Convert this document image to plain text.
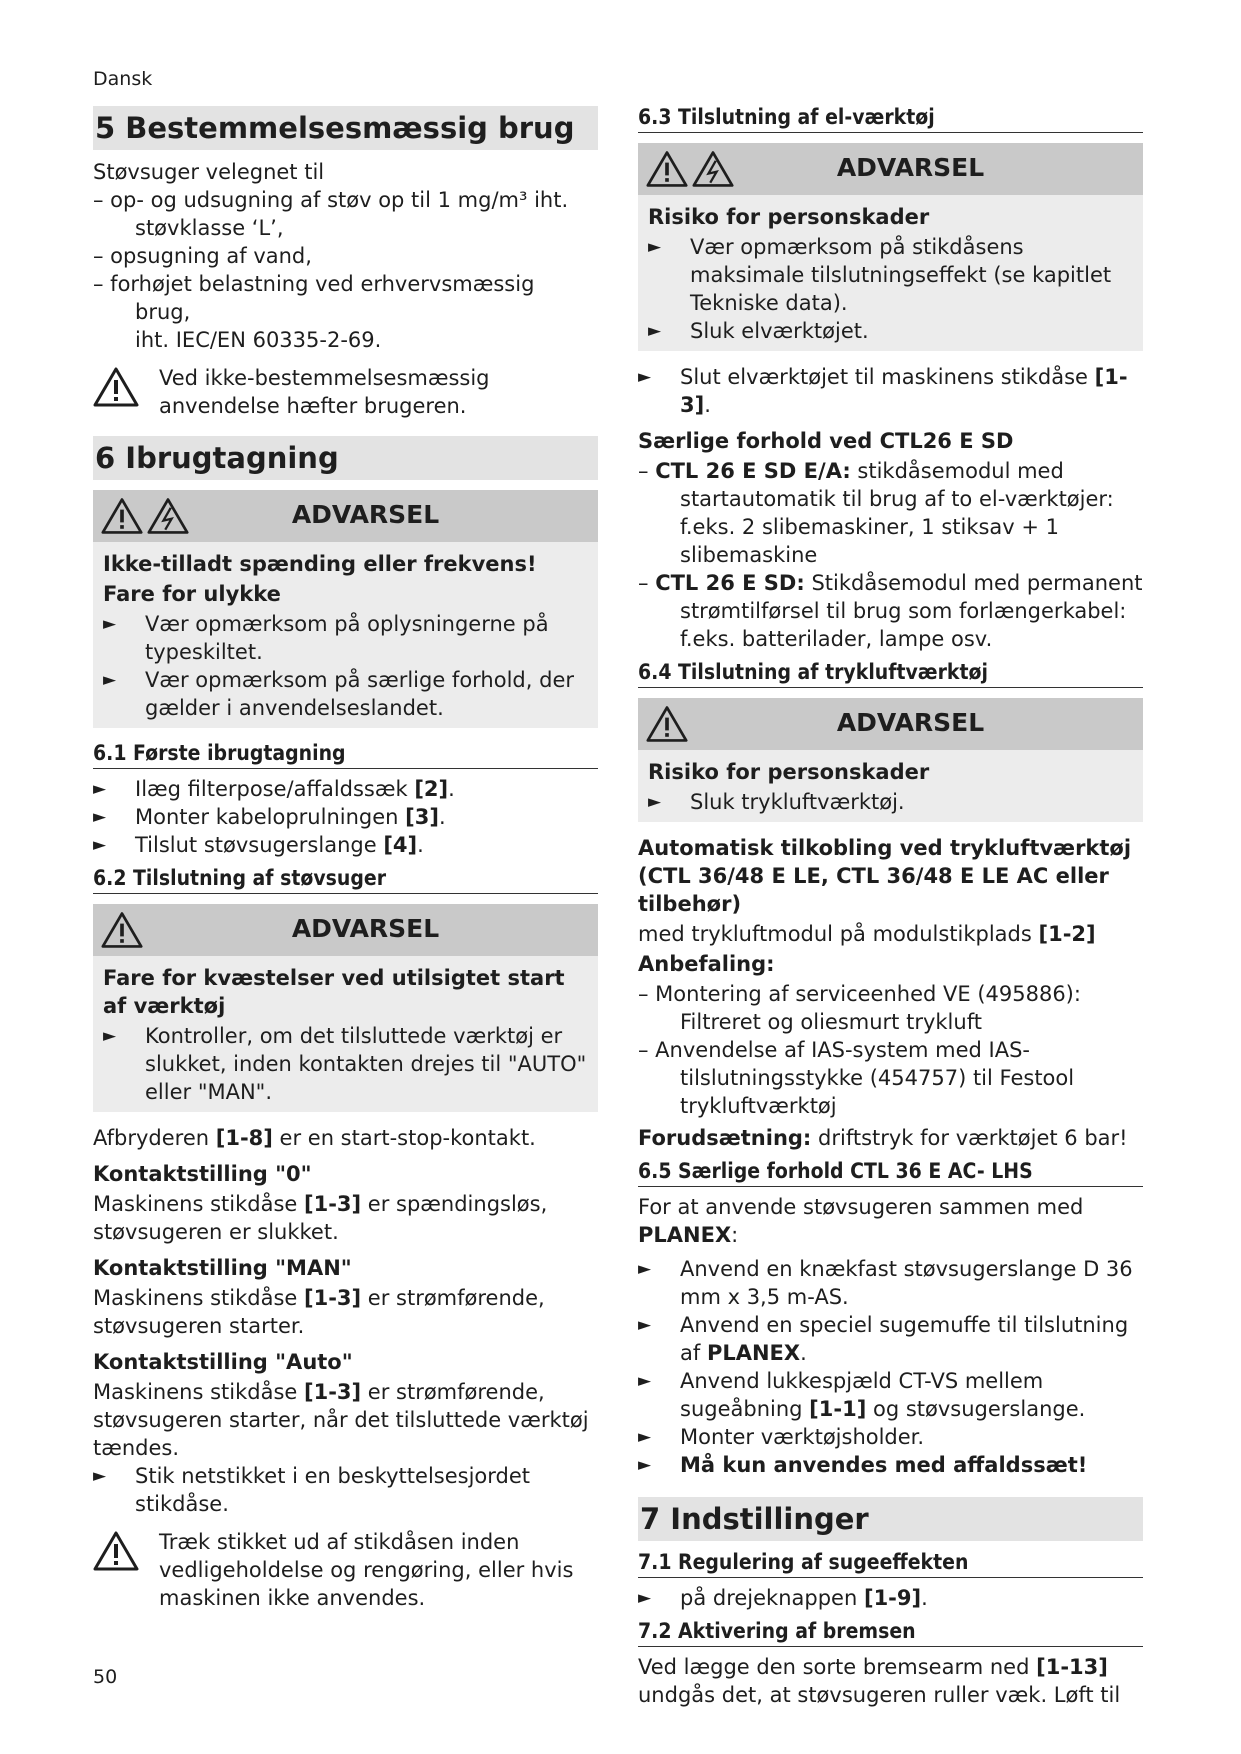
Dansk
5 Bestemmelsesmæssig brug

Støvsuger velegnet til

– op- og udsugning af støv op til 1 mg/m³ iht.

støvklasse ‘L’,

– opsugning af vand,

– forhøjet belastning ved erhvervsmæssig

brug,

iht. IEC/EN 60335-2-69.

Ved ikke-bestemmelsesmæssig anvendelse hæfter brugeren.
6 Ibrugtagning
ADVARSEL

Ikke-tilladt spænding eller frekvens!

Fare for ulykke

► Vær opmærksom på oplysningerne på typeskiltet.
► Vær opmærksom på særlige forhold, der gælder i anvendelseslandet.
6.1 Første ibrugtagning
► Ilæg filterpose/affaldssæk [2].
► Monter kabeloprulningen [3].
► Tilslut støvsugerslange [4].
6.2 Tilslutning af støvsuger
ADVARSEL

Fare for kvæstelser ved utilsigtet start af værktøj

► Kontroller, om det tilsluttede værktøj er slukket, inden kontakten drejes til "AUTO" eller "MAN".

Afbryderen [1-8] er en start-stop-kontakt.

Kontaktstilling "0"

Maskinens stikdåse [1-3] er spændingsløs, støvsugeren er slukket.

Kontaktstilling "MAN"

Maskinens stikdåse [1-3] er strømførende, støvsugeren starter.

Kontaktstilling "Auto"

Maskinens stikdåse [1-3] er strømførende, støvsugeren starter, når det tilsluttede værktøj tændes.

► Stik netstikket i en beskyttelsesjordet stikdåse.
Træk stikket ud af stikdåsen inden vedligeholdelse og rengøring, eller hvis maskinen ikke anvendes.
6.3 Tilslutning af el-værktøj
ADVARSEL

Risiko for personskader

► Vær opmærksom på stikdåsens maksimale tilslutningseffekt (se kapitlet Tekniske data).
► Sluk elværktøjet.
► Slut elværktøjet til maskinens stikdåse [1-3].

Særlige forhold ved CTL26 E SD

– CTL 26 E SD E/A: stikdåsemodul med startautomatik til brug af to el-værktøjer: f.eks. 2 slibemaskiner, 1 stiksav + 1 slibemaskine

– CTL 26 E SD: Stikdåsemodul med permanent strømtilførsel til brug som forlængerkabel: f.eks. batterilader, lampe osv.

6.4 Tilslutning af trykluftværktøj
ADVARSEL

Risiko for personskader

► Sluk trykluftværktøj.

Automatisk tilkobling ved trykluftværktøj (CTL 36/48 E LE, CTL 36/48 E LE AC eller tilbehør)

med trykluftmodul på modulstikplads [1-2]

Anbefaling:

– Montering af serviceenhed VE (495886): Filtreret og oliesmurt trykluft

– Anvendelse af IAS-system med IAS-tilslutningsstykke (454757) til Festool trykluftværktøj

Forudsætning: driftstryk for værktøjet 6 bar!

6.5 Særlige forhold CTL 36 E AC- LHS

For at anvende støvsugeren sammen med PLANEX:

► Anvend en knækfast støvsugerslange D 36 mm x 3,5 m-AS.
► Anvend en speciel sugemuffe til tilslutning af PLANEX.
► Anvend lukkespjæld CT-VS mellem sugeåbning [1-1] og støvsugerslange.
► Monter værktøjsholder.
► Må kun anvendes med affaldssæt!
7 Indstillinger
7.1 Regulering af sugeeffekten
► på drejeknappen [1-9].
7.2 Aktivering af bremsen

Ved lægge den sorte bremsearm ned [1-13] undgås det, at støvsugeren ruller væk. Løft til

50
